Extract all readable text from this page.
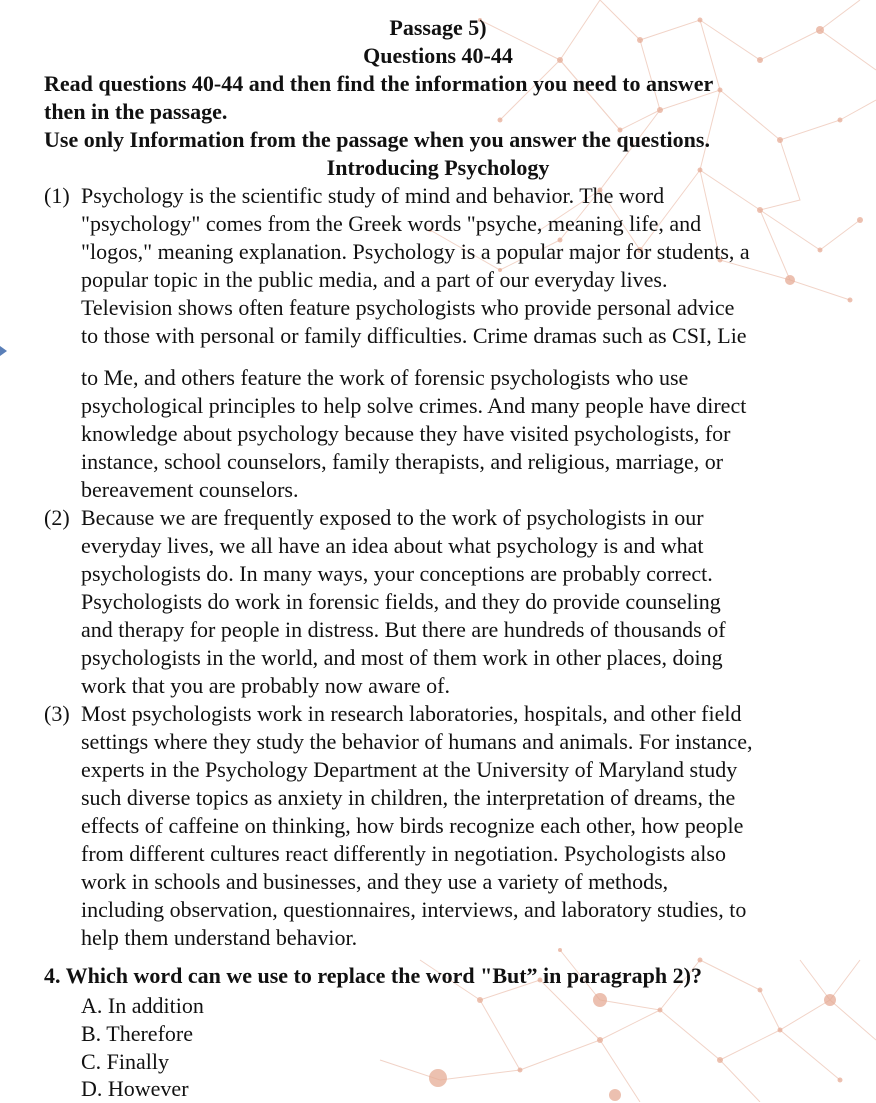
Passage 5)
Questions 40-44
Read questions 40-44 and then find the information you need to answer
then in the passage.
Use only Information from the passage when you answer the questions.
Introducing Psychology
(1) Psychology is the scientific study of mind and behavior. The word
"psychology" comes from the Greek words "psyche, meaning life, and
"logos," meaning explanation. Psychology is a popular major for students, a
popular topic in the public media, and a part of our everyday lives.
Television shows often feature psychologists who provide personal advice
to those with personal or family difficulties. Crime dramas such as CSI, Lie
to Me, and others feature the work of forensic psychologists who use
psychological principles to help solve crimes. And many people have direct
knowledge about psychology because they have visited psychologists, for
instance, school counselors, family therapists, and religious, marriage, or
bereavement counselors.
(2) Because we are frequently exposed to the work of psychologists in our
everyday lives, we all have an idea about what psychology is and what
psychologists do. In many ways, your conceptions are probably correct.
Psychologists do work in forensic fields, and they do provide counseling
and therapy for people in distress. But there are hundreds of thousands of
psychologists in the world, and most of them work in other places, doing
work that you are probably now aware of.
(3) Most psychologists work in research laboratories, hospitals, and other field
settings where they study the behavior of humans and animals. For instance,
experts in the Psychology Department at the University of Maryland study
such diverse topics as anxiety in children, the interpretation of dreams, the
effects of caffeine on thinking, how birds recognize each other, how people
from different cultures react differently in negotiation. Psychologists also
work in schools and businesses, and they use a variety of methods,
including observation, questionnaires, interviews, and laboratory studies, to
help them understand behavior.
4. Which word can we use to replace the word "But” in paragraph 2)?
A. In addition
B. Therefore
C. Finally
D. However
